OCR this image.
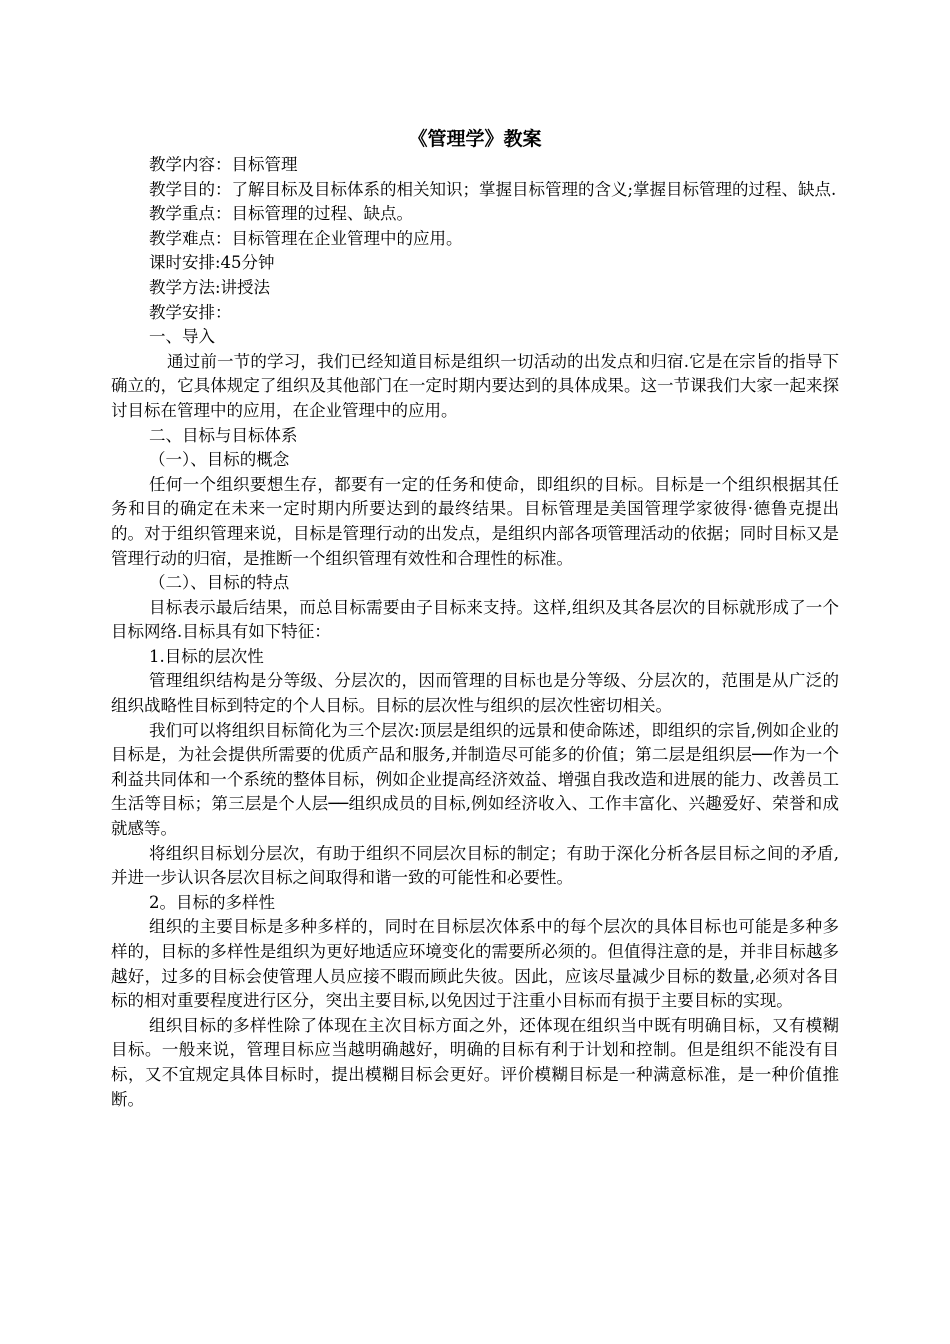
《管理学》教案

教学内容：目标管理

教学目的：了解目标及目标体系的相关知识；掌握目标管理的含义;掌握目标管理的过程、缺点.

教学重点：目标管理的过程、缺点。

教学难点：目标管理在企业管理中的应用。

课时安排:45分钟

教学方法:讲授法

教学安排：

一、导入

通过前一节的学习，我们已经知道目标是组织一切活动的出发点和归宿.它是在宗旨的指导下确立的，它具体规定了组织及其他部门在一定时期内要达到的具体成果。这一节课我们大家一起来探讨目标在管理中的应用，在企业管理中的应用。

二、目标与目标体系

（一）、目标的概念

任何一个组织要想生存，都要有一定的任务和使命，即组织的目标。目标是一个组织根据其任务和目的确定在未来一定时期内所要达到的最终结果。目标管理是美国管理学家彼得·德鲁克提出的。对于组织管理来说，目标是管理行动的出发点，是组织内部各项管理活动的依据；同时目标又是管理行动的归宿，是推断一个组织管理有效性和合理性的标准。

（二）、目标的特点

目标表示最后结果，而总目标需要由子目标来支持。这样,组织及其各层次的目标就形成了一个目标网络.目标具有如下特征：

1.目标的层次性

管理组织结构是分等级、分层次的，因而管理的目标也是分等级、分层次的，范围是从广泛的组织战略性目标到特定的个人目标。目标的层次性与组织的层次性密切相关。

我们可以将组织目标简化为三个层次:顶层是组织的远景和使命陈述，即组织的宗旨,例如企业的目标是，为社会提供所需要的优质产品和服务,并制造尽可能多的价值；第二层是组织层──作为一个利益共同体和一个系统的整体目标，例如企业提高经济效益、增强自我改造和进展的能力、改善员工生活等目标；第三层是个人层──组织成员的目标,例如经济收入、工作丰富化、兴趣爱好、荣誉和成就感等。

将组织目标划分层次，有助于组织不同层次目标的制定；有助于深化分析各层目标之间的矛盾,并进一步认识各层次目标之间取得和谐一致的可能性和必要性。

2。目标的多样性

组织的主要目标是多种多样的，同时在目标层次体系中的每个层次的具体目标也可能是多种多样的，目标的多样性是组织为更好地适应环境变化的需要所必须的。但值得注意的是，并非目标越多越好，过多的目标会使管理人员应接不暇而顾此失彼。因此，应该尽量减少目标的数量,必须对各目标的相对重要程度进行区分，突出主要目标,以免因过于注重小目标而有损于主要目标的实现。

组织目标的多样性除了体现在主次目标方面之外，还体现在组织当中既有明确目标，又有模糊目标。一般来说，管理目标应当越明确越好，明确的目标有利于计划和控制。但是组织不能没有目标，又不宜规定具体目标时，提出模糊目标会更好。评价模糊目标是一种满意标准，是一种价值推断。
